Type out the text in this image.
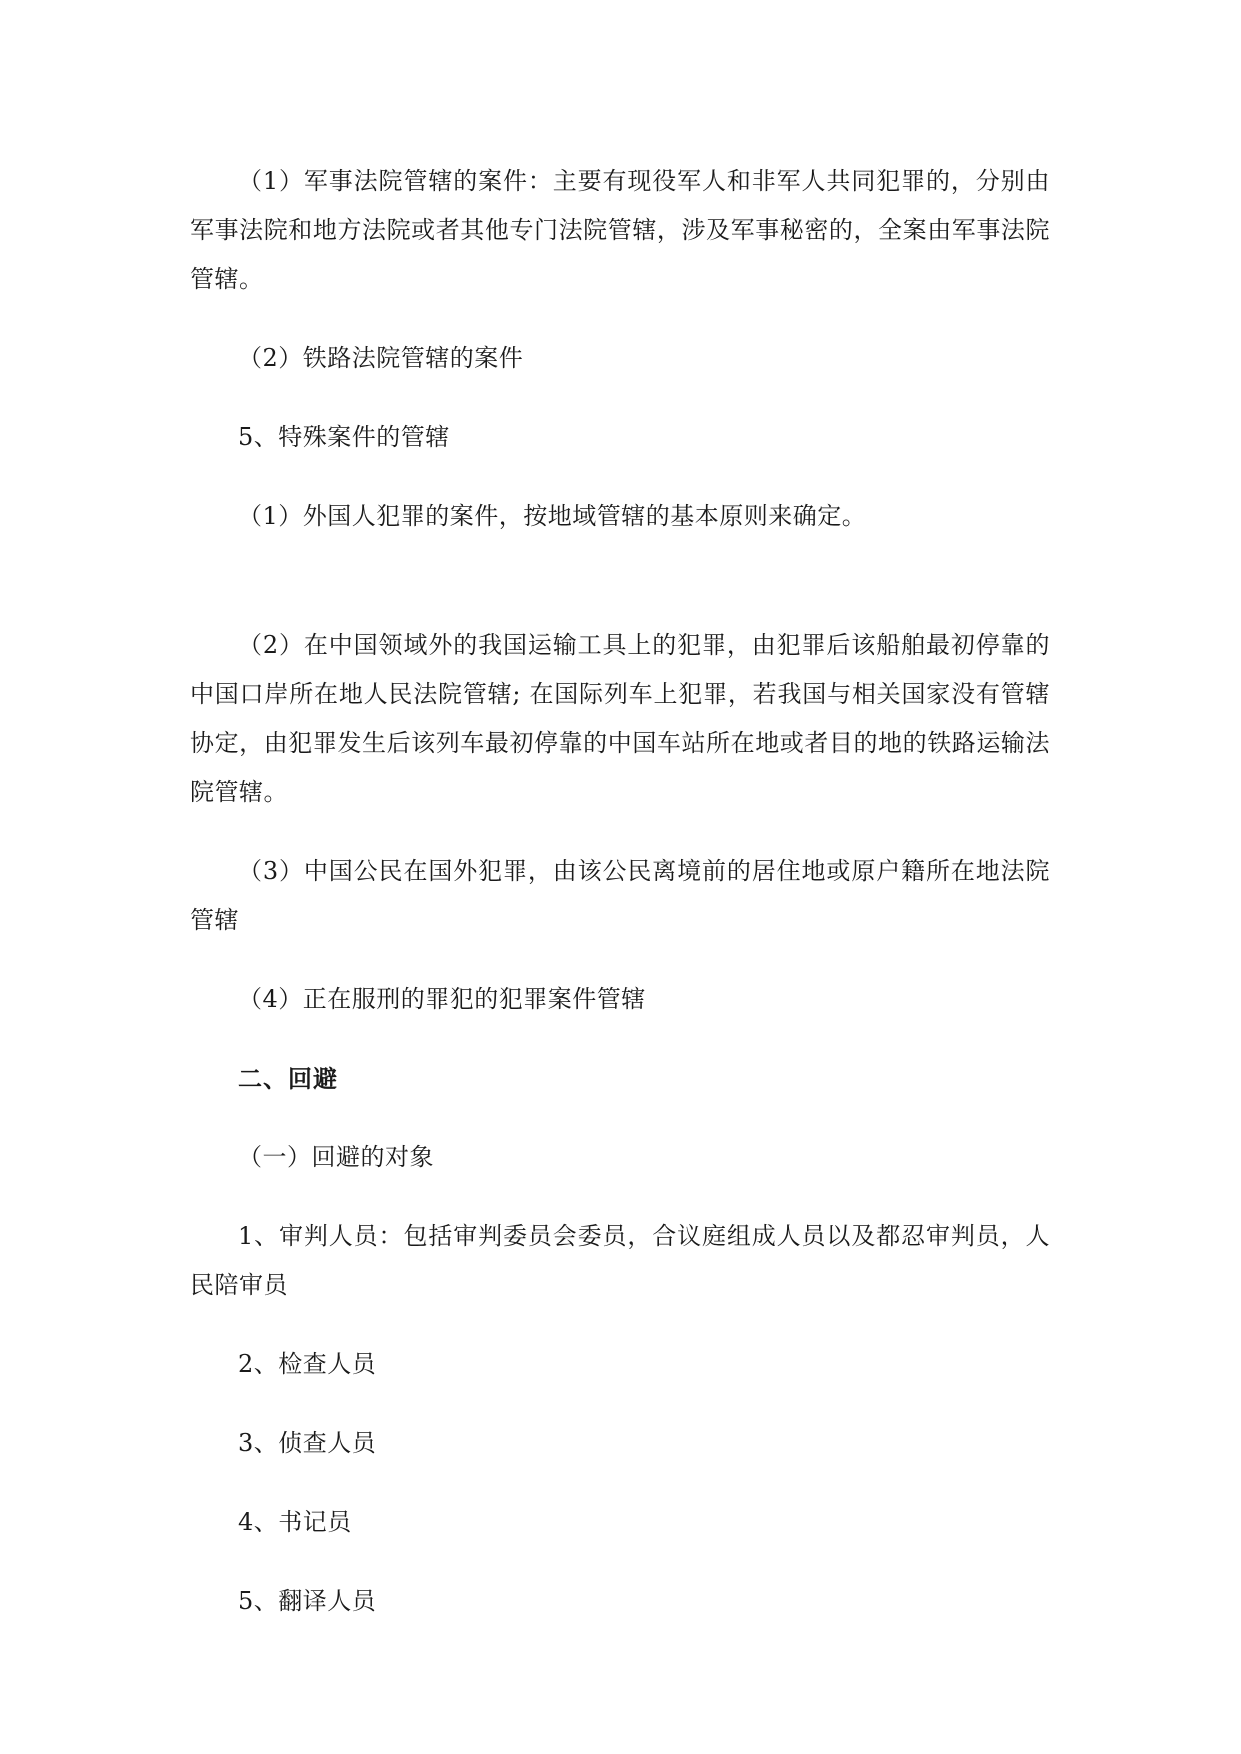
（1）军事法院管辖的案件：主要有现役军人和非军人共同犯罪的，分别由军事法院和地方法院或者其他专门法院管辖，涉及军事秘密的，全案由军事法院管辖。

（2）铁路法院管辖的案件

5、特殊案件的管辖

（1）外国人犯罪的案件，按地域管辖的基本原则来确定。

（2）在中国领域外的我国运输工具上的犯罪，由犯罪后该船舶最初停靠的中国口岸所在地人民法院管辖; 在国际列车上犯罪，若我国与相关国家没有管辖协定，由犯罪发生后该列车最初停靠的中国车站所在地或者目的地的铁路运输法院管辖。

（3）中国公民在国外犯罪，由该公民离境前的居住地或原户籍所在地法院管辖

（4）正在服刑的罪犯的犯罪案件管辖

二、回避

（一）回避的对象

1、审判人员：包括审判委员会委员，合议庭组成人员以及都忍审判员，人民陪审员

2、检查人员

3、侦查人员

4、书记员

5、翻译人员
